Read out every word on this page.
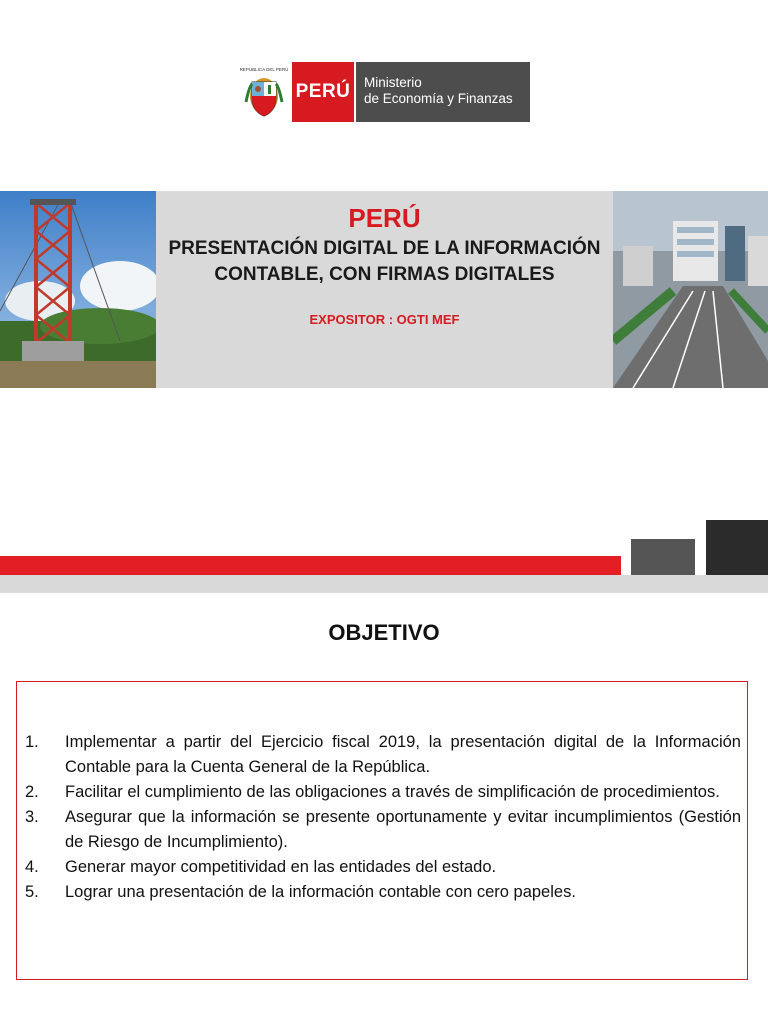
REPÚBLICA DEL PERÚ
PERÚ Ministerio
de Economía y Finanzas
PERÚ
PRESENTACIÓN DIGITAL DE LA INFORMACIÓN CONTABLE, CON FIRMAS DIGITALES
EXPOSITOR : OGTI MEF
OBJETIVO
1.	Implementar a partir del Ejercicio fiscal 2019, la presentación digital de la Información Contable para la Cuenta General de la República.
2.	Facilitar el cumplimiento de las obligaciones a través de simplificación de procedimientos.
3.	Asegurar que la información se presente oportunamente y evitar incumplimientos (Gestión de Riesgo de Incumplimiento).
4.	Generar mayor competitividad en las entidades del estado.
5.	Lograr una presentación de la información contable con cero papeles.
